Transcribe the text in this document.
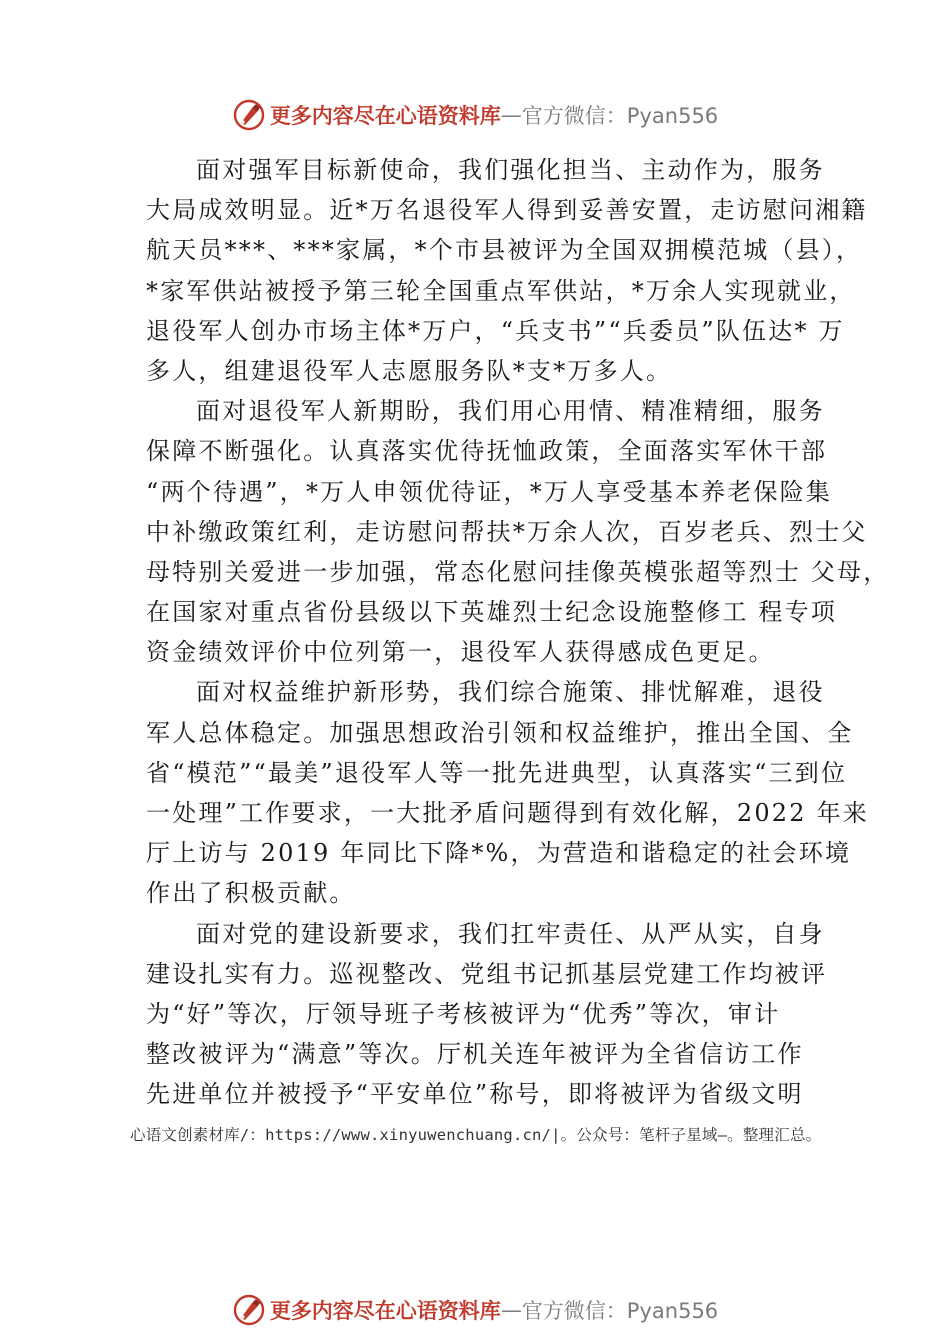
更多内容尽在心语资料库 — 官方微信：Pyan556

面对强军目标新使命，我们强化担当、主动作为，服务

大局成效明显。近*万名退役军人得到妥善安置，走访慰问湘籍

航天员***、***家属，*个市县被评为全国双拥模范城（县），

*家军供站被授予第三轮全国重点军供站，*万余人实现就业，

退役军人创办市场主体*万户，“兵支书”“兵委员”队伍达* 万

多人，组建退役军人志愿服务队*支*万多人。

面对退役军人新期盼，我们用心用情、精准精细，服务

保障不断强化。认真落实优待抚恤政策，全面落实军休干部

“两个待遇”，*万人申领优待证，*万人享受基本养老保险集

中补缴政策红利，走访慰问帮扶*万余人次，百岁老兵、烈士父

母特别关爱进一步加强，常态化慰问挂像英模张超等烈士 父母，

在国家对重点省份县级以下英雄烈士纪念设施整修工 程专项

资金绩效评价中位列第一，退役军人获得感成色更足。

面对权益维护新形势，我们综合施策、排忧解难，退役

军人总体稳定。加强思想政治引领和权益维护，推出全国、全

省“模范”“最美”退役军人等一批先进典型，认真落实“三到位

一处理”工作要求，一大批矛盾问题得到有效化解，2022 年来

厅上访与 2019 年同比下降*%，为营造和谐稳定的社会环境

作出了积极贡献。

面对党的建设新要求，我们扛牢责任、从严从实，自身

建设扎实有力。巡视整改、党组书记抓基层党建工作均被评

为“好”等次，厅领导班子考核被评为“优秀”等次，审计

整改被评为“满意”等次。厅机关连年被评为全省信访工作

先进单位并被授予“平安单位”称号，即将被评为省级文明

心语文创素材库/：https://www.xinyuwenchuang.cn/|。公众号：笔杆子星域—。整理汇总。
更多内容尽在心语资料库 — 官方微信：Pyan556
